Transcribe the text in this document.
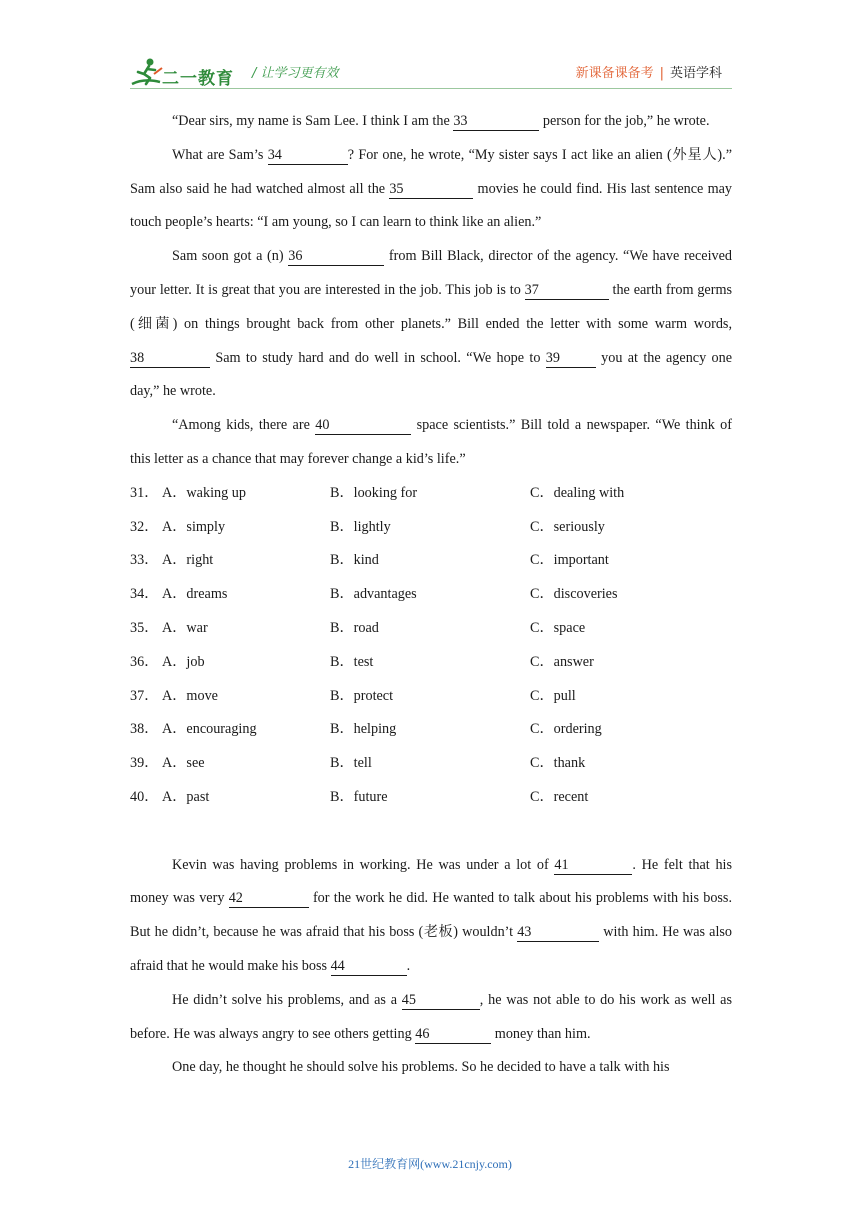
二一教育 / 让学习更有效	新课备课备考 | 英语学科
“Dear sirs, my name is Sam Lee. I think I am the 33	person for the job,” he wrote.
What are Sam’s 34	? For one, he wrote, “My sister says I act like an alien (外星人).” Sam also said he had watched almost all the 35	movies he could find. His last sentence may touch people’s hearts: “I am young, so I can learn to think like an alien.”
Sam soon got a (n) 36	from Bill Black, director of the agency. “We have received your letter. It is great that you are interested in the job. This job is to 37	the earth from germs (细菌) on things brought back from other planets.” Bill ended the letter with some warm words,38	Sam to study hard and do well in school. “We hope to 39	you at the agency one day,” he wrote.
“Among kids, there are 40	space scientists.” Bill told a newspaper. “We think of this letter as a chance that may forever change a kid’s life.”
31． A．waking up	B．looking for	C．dealing with
32． A．simply	B．lightly	C．seriously
33． A．right	B．kind	C．important
34． A．dreams	B．advantages	C．discoveries
35． A．war	B．road	C．space
36． A．job	B．test	C．answer
37． A．move	B．protect	C．pull
38． A．encouraging	B．helping	C．ordering
39． A．see	B．tell	C．thank
40． A．past	B．future	C．recent
Kevin was having problems in working. He was under a lot of 41	. He felt that his money was very 42	for the work he did. He wanted to talk about his problems with his boss. But he didn’t, because he was afraid that his boss (老板) wouldn’t 43	with him. He was also afraid that he would make his boss 44	.
He didn’t solve his problems, and as a 45	, he was not able to do his work as well as before. He was always angry to see others getting 46	money than him.
One day, he thought he should solve his problems. So he decided to have a talk with his
21世纪教育网(www.21cnjy.com)
